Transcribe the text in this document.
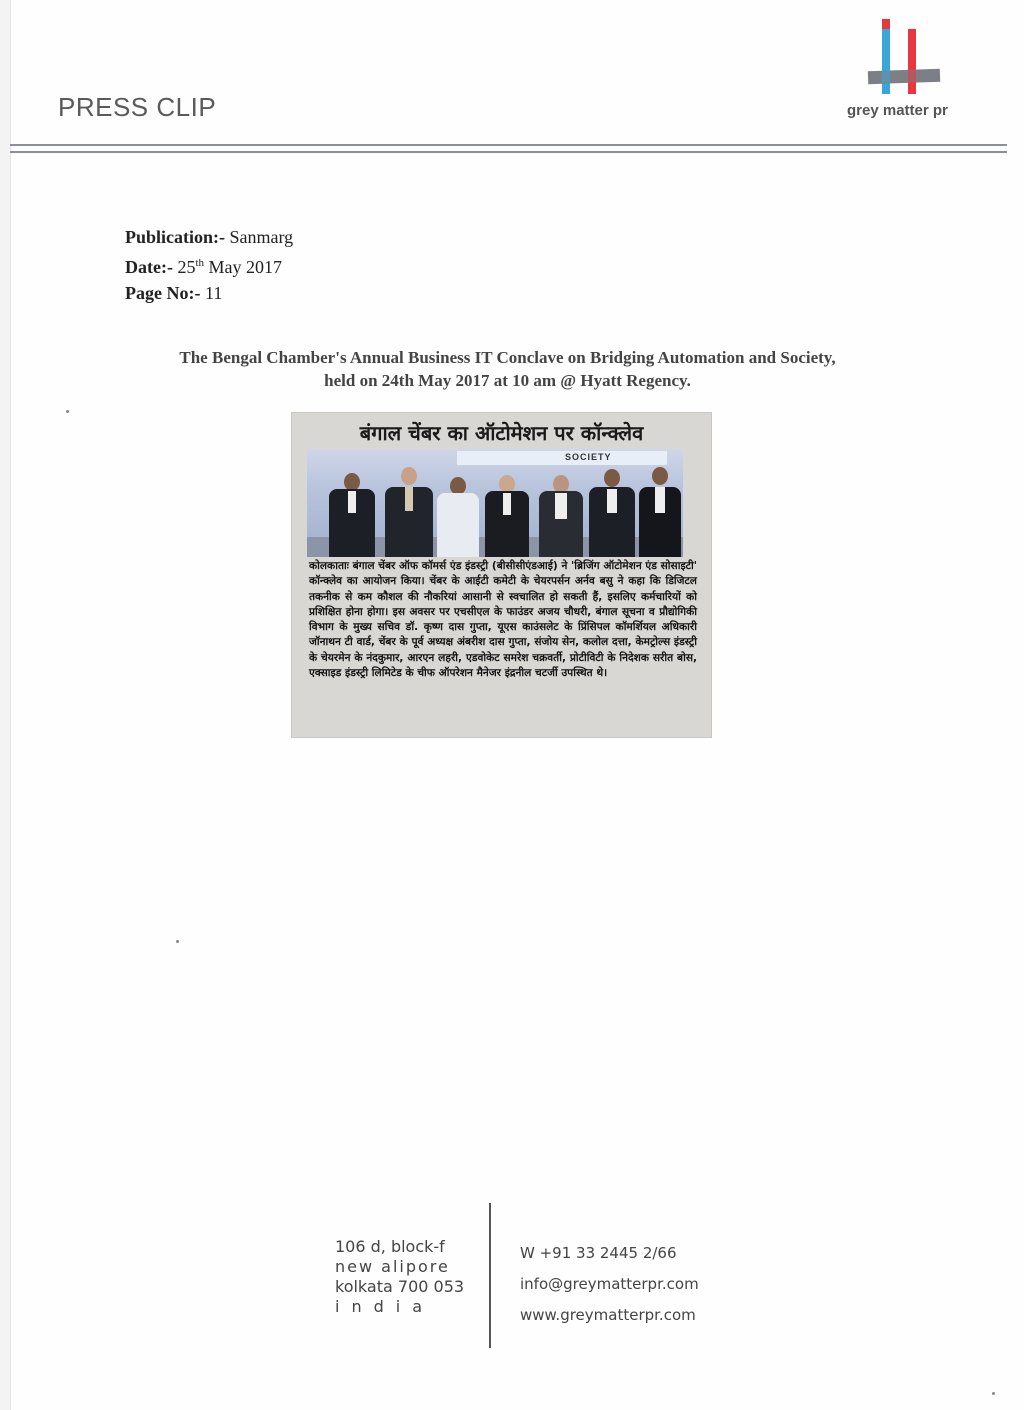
PRESS CLIP	grey matter pr
Publication:- Sanmarg
Date:- 25th May 2017
Page No:- 11
The Bengal Chamber's Annual Business IT Conclave on Bridging Automation and Society,
held on 24th May 2017 at 10 am @ Hyatt Regency.
बंगाल चेंबर का ऑटोमेशन पर कॉन्क्लेव
SOCIETY
कोलकाताः बंगाल चेंबर ऑफ कॉमर्स एंड इंडस्ट्री (बीसीसीएंडआई) ने 'ब्रिजिंग ऑटोमेशन एंड सोसाइटी' कॉन्क्लेव का आयोजन किया। चेंबर के आईटी कमेटी के चेयरपर्सन अर्नव बसु ने कहा कि डिजिटल तकनीक से कम कौशल की नौकरियां आसानी से स्वचालित हो सकती हैं, इसलिए कर्मचारियों को प्रशिक्षित होना होगा। इस अवसर पर एचसीएल के फाउंडर अजय चौधरी, बंगाल सूचना व प्रौद्योगिकी विभाग के मुख्य सचिव डॉ. कृष्ण दास गुप्ता, यूएस काउंसलेट के प्रिंसिपल कॉमर्शियल अधिकारी जॉनाथन टी वार्ड, चेंबर के पूर्व अध्यक्ष अंबरीश दास गुप्ता, संजोय सेन, कलोल दत्ता, केमट्रोल्स इंडस्ट्री के चेयरमेन के नंदकुमार, आरएन लहरी, एडवोकेट समरेश चक्रवर्ती, प्रोटीविटी के निदेशक सरीत बोस, एक्साइड इंडस्ट्री लिमिटेड के चीफ ऑपरेशन मैनेजर इंद्रनील चटर्जी उपस्थित थे।
106 d, block-f
new alipore
kolkata 700 053
india
W +91 33 2445 2/66
info@greymatterpr.com
www.greymatterpr.com
